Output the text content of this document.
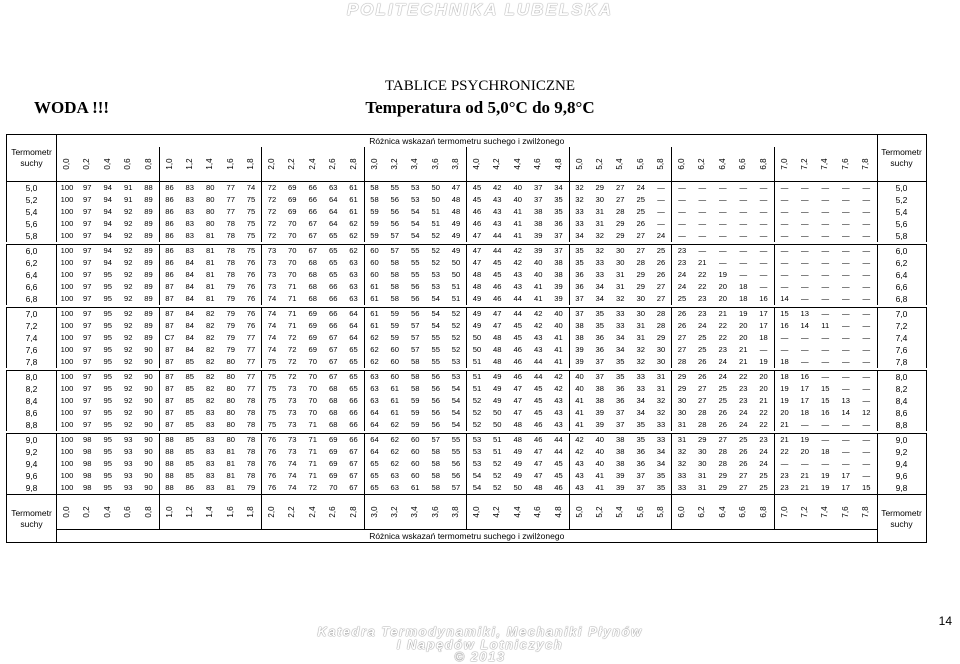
POLITECHNIKA LUBELSKA
WODA !!!
TABLICE PSYCHRONICZNE
Temperatura od 5,0°C do 9,8°C
Termometr suchy	Różnica wskazań termometru suchego i zwilżonego																																								Termometr suchy

	0,0	0,2	0,4	0,6	0,8	1,0	1,2	1,4	1,6	1,8	2,0	2,2	2,4	2,6	2,8	3,0	3,2	3,4	3,6	3,8	4,0	4,2	4,4	4,6	4,8	5,0	5,2	5,4	5,6	5,8	6,0	6,2	6,4	6,6	6,8	7,0	7,2	7,4	7,6	7,8	

5,0	100	97	94	91	88	86	83	80	77	74	72	69	66	63	61	58	55	53	50	47	45	42	40	37	34	32	29	27	24	—	—	—	—	—	—	—	—	—	—	—	5,0
5,2	100	97	94	91	89	86	83	80	77	75	72	69	66	64	61	58	56	53	50	48	45	43	40	37	35	32	30	27	25	—	—	—	—	—	—	—	—	—	—	—	5,2
5,4	100	97	94	92	89	86	83	80	77	75	72	69	66	64	61	59	56	54	51	48	46	43	41	38	35	33	31	28	25	—	—	—	—	—	—	—	—	—	—	—	5,4
5,6	100	97	94	92	89	86	83	80	78	75	72	70	67	64	62	59	56	54	51	49	46	43	41	38	36	33	31	29	26	—	—	—	—	—	—	—	—	—	—	—	5,6
5,8	100	97	94	92	89	86	83	81	78	75	72	70	67	65	62	59	57	54	52	49	47	44	41	39	37	34	32	29	27	24	—	—	—	—	—	—	—	—	—	—	5,8

6,0	100	97	94	92	89	86	83	81	78	75	73	70	67	65	62	60	57	55	52	49	47	44	42	39	37	35	32	30	27	25	23	—	—	—	—	—	—	—	—	—	6,0
6,2	100	97	94	92	89	86	84	81	78	76	73	70	68	65	63	60	58	55	52	50	47	45	42	40	38	35	33	30	28	26	23	21	—	—	—	—	—	—	—	—	6,2
6,4	100	97	95	92	89	86	84	81	78	76	73	70	68	65	63	60	58	55	53	50	48	45	43	40	38	36	33	31	29	26	24	22	19	—	—	—	—	—	—	—	6,4
6,6	100	97	95	92	89	87	84	81	79	76	73	71	68	66	63	61	58	56	53	51	48	46	43	41	39	36	34	31	29	27	24	22	20	18	—	—	—	—	—	—	6,6
6,8	100	97	95	92	89	87	84	81	79	76	74	71	68	66	63	61	58	56	54	51	49	46	44	41	39	37	34	32	30	27	25	23	20	18	16	14	—	—	—	—	6,8

7,0	100	97	95	92	89	87	84	82	79	76	74	71	69	66	64	61	59	56	54	52	49	47	44	42	40	37	35	33	30	28	26	23	21	19	17	15	13	—	—	—	7,0
7,2	100	97	95	92	89	87	84	82	79	76	74	71	69	66	64	61	59	57	54	52	49	47	45	42	40	38	35	33	31	28	26	24	22	20	17	16	14	11	—	—	7,2
7,4	100	97	95	92	89	C7	84	82	79	77	74	72	69	67	64	62	59	57	55	52	50	48	45	43	41	38	36	34	31	29	27	25	22	20	18	—	—	—	—	—	7,4
7,6	100	97	95	92	90	87	84	82	79	77	74	72	69	67	65	62	60	57	55	52	50	48	46	43	41	39	36	34	32	30	27	25	23	21	—	—	—	—	—	—	7,6
7,8	100	97	95	92	90	87	85	82	80	77	75	72	70	67	65	62	60	58	55	53	51	48	46	44	41	39	37	35	32	30	28	26	24	21	19	18	—	—	—	—	7,8

8,0	100	97	95	92	90	87	85	82	80	77	75	72	70	67	65	63	60	58	56	53	51	49	46	44	42	40	37	35	33	31	29	26	24	22	20	18	16	—	—	—	8,0
8,2	100	97	95	92	90	87	85	82	80	77	75	73	70	68	65	63	61	58	56	54	51	49	47	45	42	40	38	36	33	31	29	27	25	23	20	19	17	15	—	—	8,2
8,4	100	97	95	92	90	87	85	82	80	78	75	73	70	68	66	63	61	59	56	54	52	49	47	45	43	41	38	36	34	32	30	27	25	23	21	19	17	15	13	—	8,4
8,6	100	97	95	92	90	87	85	83	80	78	75	73	70	68	66	64	61	59	56	54	52	50	47	45	43	41	39	37	34	32	30	28	26	24	22	20	18	16	14	12	8,6
8,8	100	97	95	92	90	87	85	83	80	78	75	73	71	68	66	64	62	59	56	54	52	50	48	46	43	41	39	37	35	33	31	28	26	24	22	21	—	—	—	—	8,8

9,0	100	98	95	93	90	88	85	83	80	78	76	73	71	69	66	64	62	60	57	55	53	51	48	46	44	42	40	38	35	33	31	29	27	25	23	21	19	—	—	—	9,0
9,2	100	98	95	93	90	88	85	83	81	78	76	73	71	69	67	64	62	60	58	55	53	51	49	47	44	42	40	38	36	34	32	30	28	26	24	22	20	18	—	—	9,2
9,4	100	98	95	93	90	88	85	83	81	78	76	74	71	69	67	65	62	60	58	56	53	52	49	47	45	43	40	38	36	34	32	30	28	26	24	—	—	—	—	—	9,4
9,6	100	98	95	93	90	88	85	83	81	78	76	74	71	69	67	65	63	60	58	56	54	52	49	47	45	43	41	39	37	35	33	31	29	27	25	23	21	19	17	—	9,6
9,8	100	98	95	93	90	88	86	83	81	79	76	74	72	70	67	65	63	61	58	57	54	52	50	48	46	43	41	39	37	35	33	31	29	27	25	23	21	19	17	15	9,8
Termometr suchy	0,0	0,2	0,4	0,6	0,8	1,0	1,2	1,4	1,6	1,8	2,0	2,2	2,4	2,6	2,8	3,0	3,2	3,4	3,6	3,8	4,0	4,2	4,4	4,6	4,8	5,0	5,2	5,4	5,6	5,8	6,0	6,2	6,4	6,6	6,8	7,0	7,2	7,4	7,6	7,8	Termometr suchy
	Różnica wskazań termometru suchego i zwilżonego																																								
14
Katedra Termodynamiki, Mechaniki Płynów
I Napędów Lotniczych
© 2013
